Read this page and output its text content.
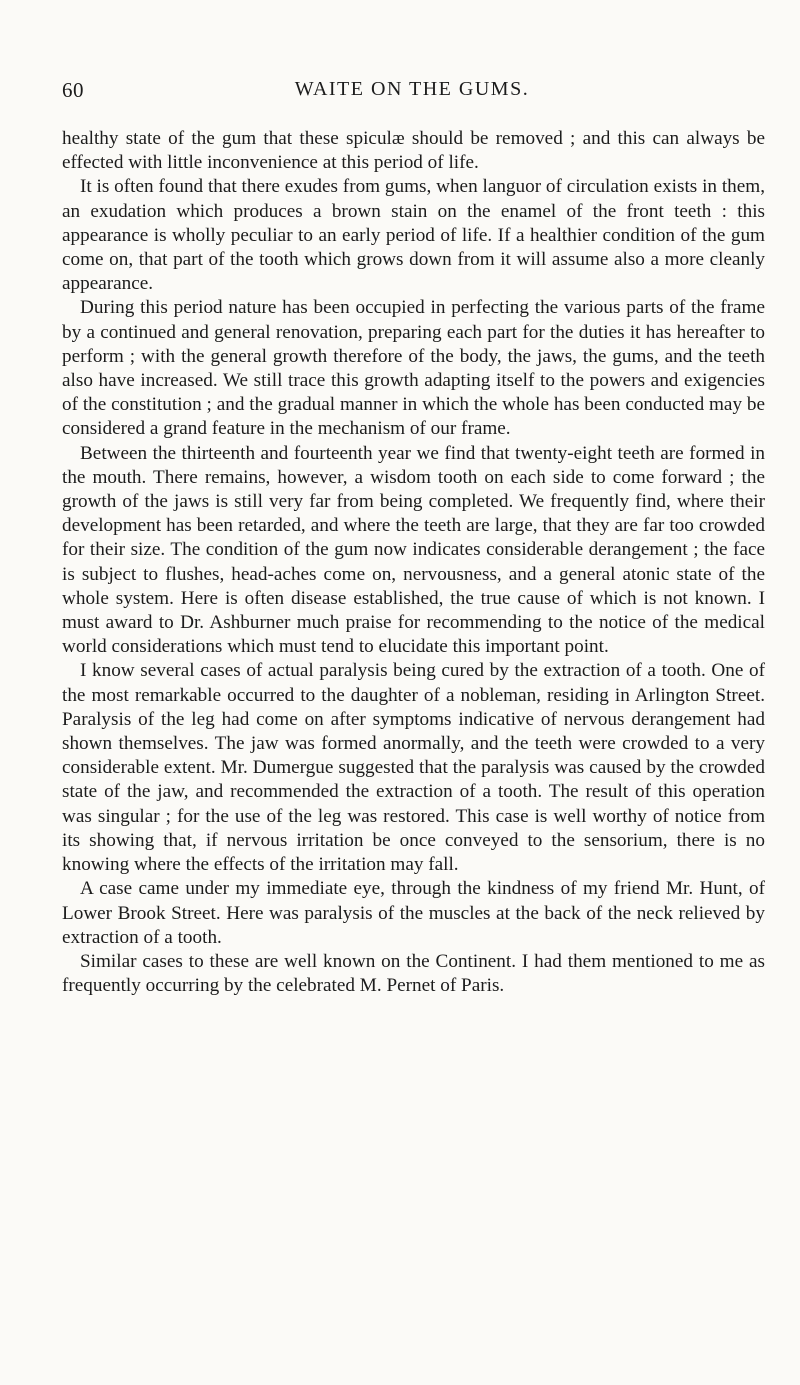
60	WAITE ON THE GUMS.

healthy state of the gum that these spiculæ should be removed ; and this can always be effected with little inconvenience at this period of life.

It is often found that there exudes from gums, when languor of circulation exists in them, an exudation which produces a brown stain on the enamel of the front teeth : this appearance is wholly peculiar to an early period of life. If a healthier condition of the gum come on, that part of the tooth which grows down from it will assume also a more cleanly appearance.

During this period nature has been occupied in perfecting the various parts of the frame by a continued and general renovation, preparing each part for the duties it has hereafter to perform ; with the general growth therefore of the body, the jaws, the gums, and the teeth also have increased. We still trace this growth adapting itself to the powers and exigencies of the constitution ; and the gradual manner in which the whole has been conducted may be considered a grand feature in the mechanism of our frame.

Between the thirteenth and fourteenth year we find that twenty-eight teeth are formed in the mouth. There remains, however, a wisdom tooth on each side to come forward ; the growth of the jaws is still very far from being completed. We frequently find, where their development has been retarded, and where the teeth are large, that they are far too crowded for their size. The condition of the gum now indicates considerable derangement ; the face is subject to flushes, head-aches come on, nervousness, and a general atonic state of the whole system. Here is often disease established, the true cause of which is not known. I must award to Dr. Ashburner much praise for recommending to the notice of the medical world considerations which must tend to elucidate this important point.

I know several cases of actual paralysis being cured by the extraction of a tooth. One of the most remarkable occurred to the daughter of a nobleman, residing in Arlington Street. Paralysis of the leg had come on after symptoms indicative of nervous derangement had shown themselves. The jaw was formed anormally, and the teeth were crowded to a very considerable extent. Mr. Dumergue suggested that the paralysis was caused by the crowded state of the jaw, and recommended the extraction of a tooth. The result of this operation was singular ; for the use of the leg was restored. This case is well worthy of notice from its showing that, if nervous irritation be once conveyed to the sensorium, there is no knowing where the effects of the irritation may fall.

A case came under my immediate eye, through the kindness of my friend Mr. Hunt, of Lower Brook Street. Here was paralysis of the muscles at the back of the neck relieved by extraction of a tooth.

Similar cases to these are well known on the Continent. I had them mentioned to me as frequently occurring by the celebrated M. Pernet of Paris.
